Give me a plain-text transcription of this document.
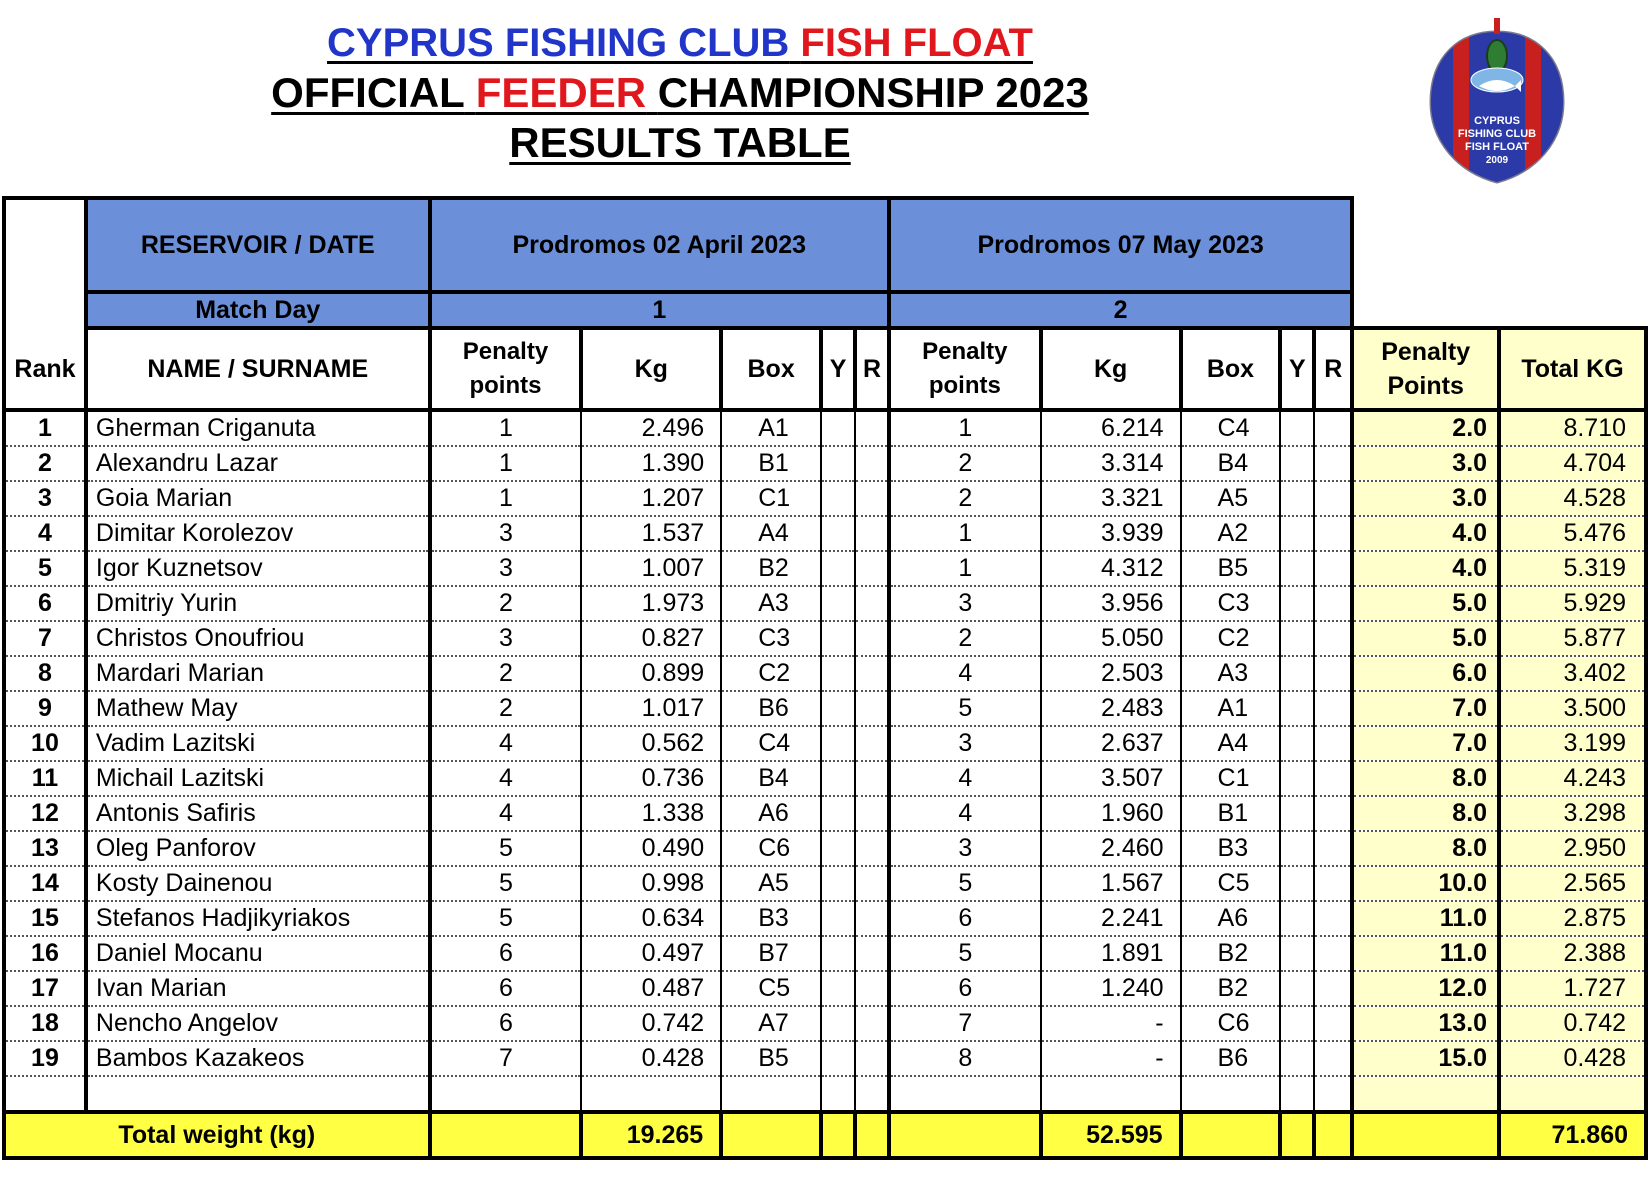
CYPRUS FISHING CLUB FISH FLOAT
OFFICIAL FEEDER CHAMPIONSHIP 2023
RESULTS TABLE	CYPRUS
FISHING CLUB
FISH FLOAT
2009
Rank	RESERVOIR / DATE	Prodromos 02 April 2023					Prodromos 07 May 2023						
	Match Day	1					2						
	NAME / SURNAME	Penalty
points	Kg	Box	Y	R	Penalty
points	Kg	Box	Y	R	Penalty
Points	Total KG
1	Gherman Criganuta	1	2.496	A1			1	6.214	C4			2.0	8.710
2	Alexandru Lazar	1	1.390	B1			2	3.314	B4			3.0	4.704
3	Goia Marian	1	1.207	C1			2	3.321	A5			3.0	4.528
4	Dimitar Korolezov	3	1.537	A4			1	3.939	A2			4.0	5.476
5	Igor Kuznetsov	3	1.007	B2			1	4.312	B5			4.0	5.319
6	Dmitriy Yurin	2	1.973	A3			3	3.956	C3			5.0	5.929
7	Christos Onoufriou	3	0.827	C3			2	5.050	C2			5.0	5.877
8	Mardari Marian	2	0.899	C2			4	2.503	A3			6.0	3.402
9	Mathew May	2	1.017	B6			5	2.483	A1			7.0	3.500
10	Vadim Lazitski	4	0.562	C4			3	2.637	A4			7.0	3.199
11	Michail Lazitski	4	0.736	B4			4	3.507	C1			8.0	4.243
12	Antonis Safiris	4	1.338	A6			4	1.960	B1			8.0	3.298
13	Oleg Panforov	5	0.490	C6			3	2.460	B3			8.0	2.950
14	Kosty Dainenou	5	0.998	A5			5	1.567	C5			10.0	2.565
15	Stefanos Hadjikyriakos	5	0.634	B3			6	2.241	A6			11.0	2.875
16	Daniel Mocanu	6	0.497	B7			5	1.891	B2			11.0	2.388
17	Ivan Marian	6	0.487	C5			6	1.240	B2			12.0	1.727
18	Nencho Angelov	6	0.742	A7			7	-	C6			13.0	0.742
19	Bambos Kazakeos	7	0.428	B5			8	-	B6			15.0	0.428

Total weight (kg)			19.265					52.595					71.860
